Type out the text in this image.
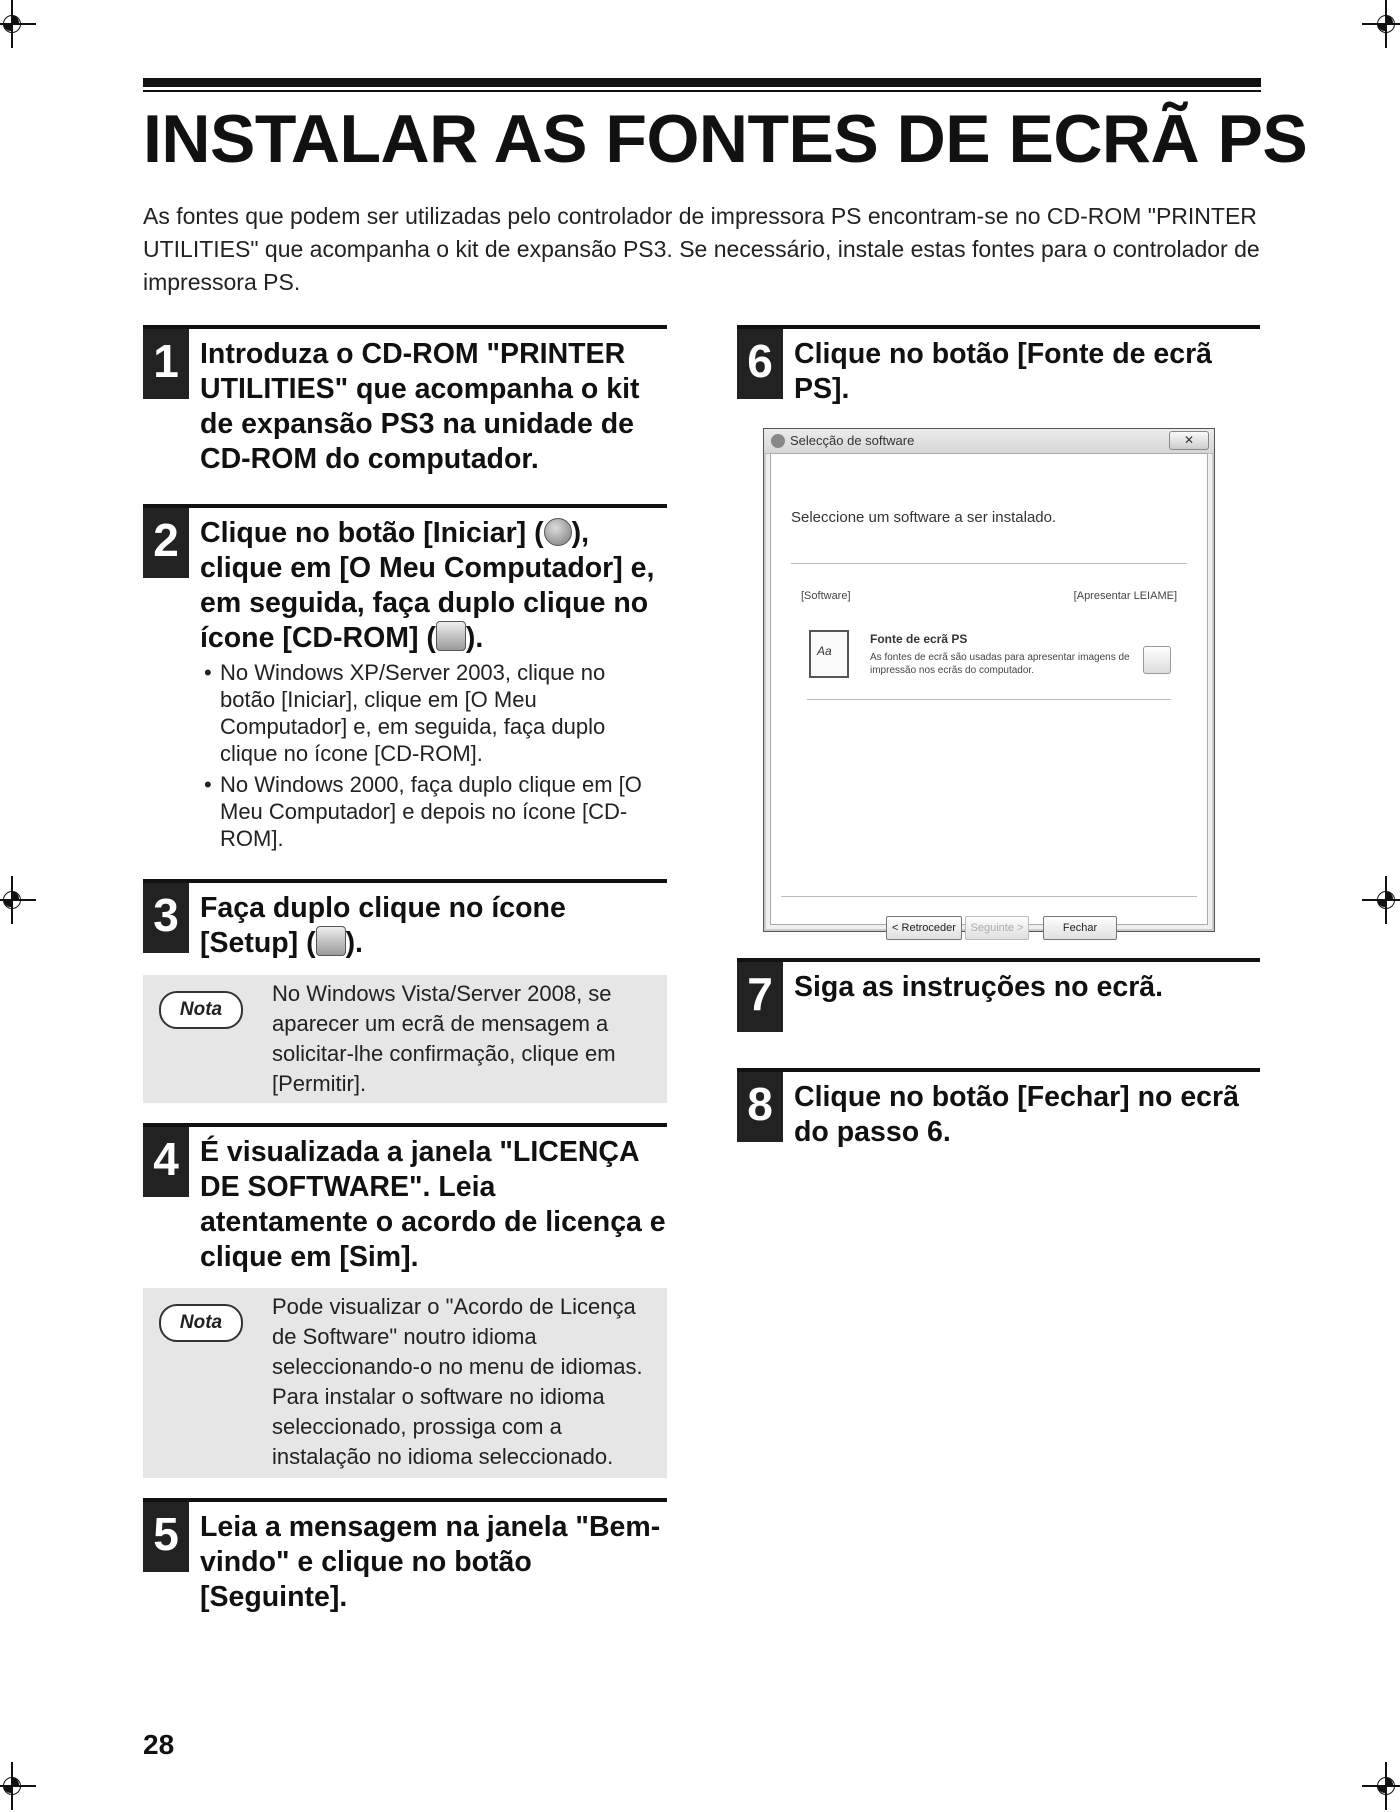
INSTALAR AS FONTES DE ECRÃ PS

As fontes que podem ser utilizadas pelo controlador de impressora PS encontram-se no CD-ROM "PRINTER UTILITIES" que acompanha o kit de expansão PS3. Se necessário, instale estas fontes para o controlador de impressora PS.

1 Introduza o CD-ROM "PRINTER UTILITIES" que acompanha o kit de expansão PS3 na unidade de CD-ROM do computador.
2 Clique no botão [Iniciar] ( ), clique em [O Meu Computador] e, em seguida, faça duplo clique no ícone [CD-ROM] ( ).
• No Windows XP/Server 2003, clique no botão [Iniciar], clique em [O Meu Computador] e, em seguida, faça duplo clique no ícone [CD-ROM].
• No Windows 2000, faça duplo clique em [O Meu Computador] e depois no ícone [CD-ROM].
3 Faça duplo clique no ícone [Setup] ( ).
Nota
No Windows Vista/Server 2008, se aparecer um ecrã de mensagem a solicitar-lhe confirmação, clique em [Permitir].
4 É visualizada a janela "LICENÇA DE SOFTWARE". Leia atentamente o acordo de licença e clique em [Sim].
Nota
Pode visualizar o "Acordo de Licença de Software" noutro idioma seleccionando-o no menu de idiomas. Para instalar o software no idioma seleccionado, prossiga com a instalação no idioma seleccionado.
5 Leia a mensagem na janela "Bem-vindo" e clique no botão [Seguinte].
6 Clique no botão [Fonte de ecrã PS].
Selecção de software	✕
Seleccione um software a ser instalado.
[Software]	[Apresentar LEIAME]
Aa
Fonte de ecrã PS
As fontes de ecrã são usadas para apresentar imagens de impressão nos ecrãs do computador.
< Retroceder	Seguinte >	Fechar
7 Siga as instruções no ecrã.
8 Clique no botão [Fechar] no ecrã do passo 6.
28
